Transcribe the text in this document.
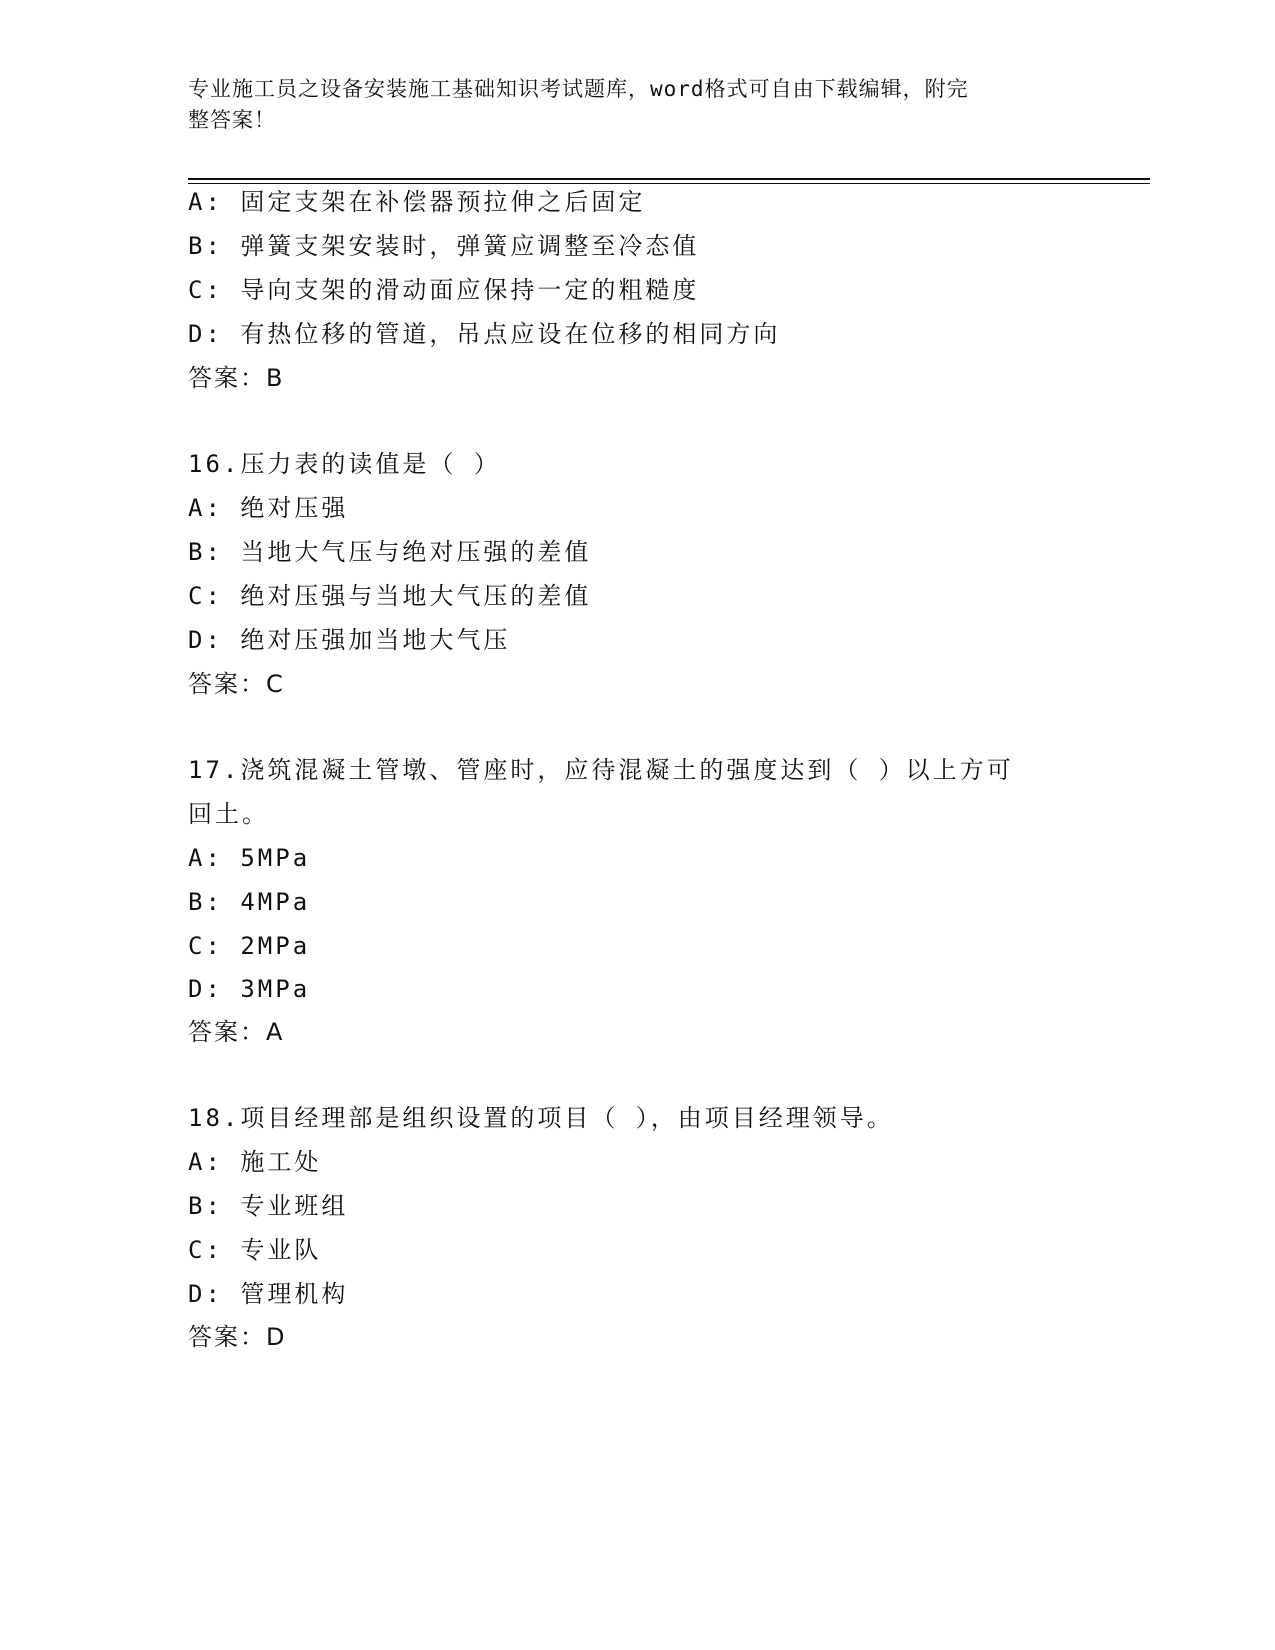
专业施工员之设备安装施工基础知识考试题库，word格式可自由下载编辑，附完
整答案！
A: 固定支架在补偿器预拉伸之后固定
B: 弹簧支架安装时，弹簧应调整至冷态值
C: 导向支架的滑动面应保持一定的粗糙度
D: 有热位移的管道，吊点应设在位移的相同方向
答案：B
16.压力表的读值是（ ）
A: 绝对压强
B: 当地大气压与绝对压强的差值
C: 绝对压强与当地大气压的差值
D: 绝对压强加当地大气压
答案：C
17.浇筑混凝土管墩、管座时，应待混凝土的强度达到（ ）以上方可
回土。
A: 5MPa
B: 4MPa
C: 2MPa
D: 3MPa
答案：A
18.项目经理部是组织设置的项目（ ），由项目经理领导。
A: 施工处
B: 专业班组
C: 专业队
D: 管理机构
答案：D
